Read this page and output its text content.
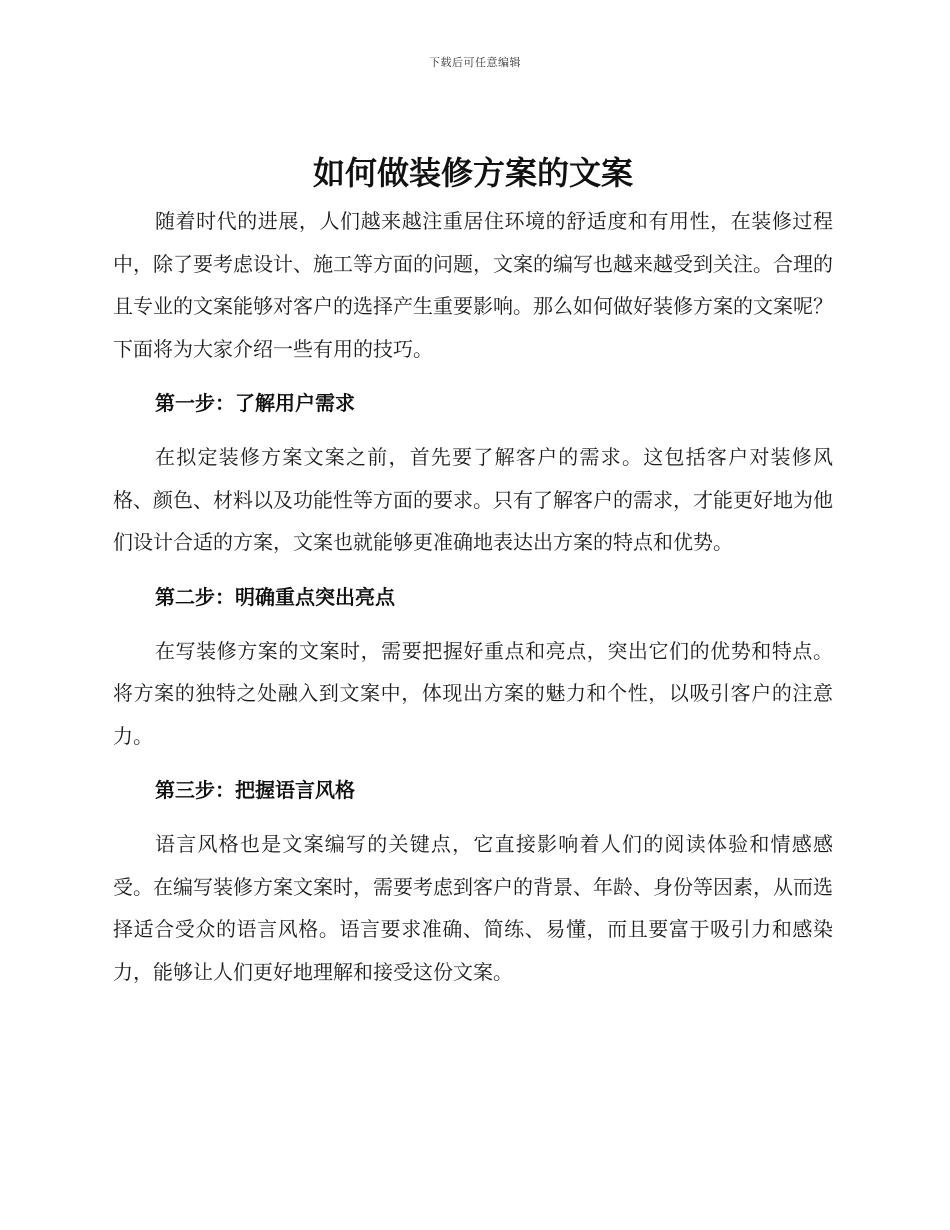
下载后可任意编辑
如何做装修方案的文案

随着时代的进展，人们越来越注重居住环境的舒适度和有用性，在装修过程中，除了要考虑设计、施工等方面的问题，文案的编写也越来越受到关注。合理的且专业的文案能够对客户的选择产生重要影响。那么如何做好装修方案的文案呢？下面将为大家介绍一些有用的技巧。

第一步：了解用户需求

在拟定装修方案文案之前，首先要了解客户的需求。这包括客户对装修风格、颜色、材料以及功能性等方面的要求。只有了解客户的需求，才能更好地为他们设计合适的方案，文案也就能够更准确地表达出方案的特点和优势。

第二步：明确重点突出亮点

在写装修方案的文案时，需要把握好重点和亮点，突出它们的优势和特点。将方案的独特之处融入到文案中，体现出方案的魅力和个性，以吸引客户的注意力。

第三步：把握语言风格

语言风格也是文案编写的关键点，它直接影响着人们的阅读体验和情感感受。在编写装修方案文案时，需要考虑到客户的背景、年龄、身份等因素，从而选择适合受众的语言风格。语言要求准确、简练、易懂，而且要富于吸引力和感染力，能够让人们更好地理解和接受这份文案。
